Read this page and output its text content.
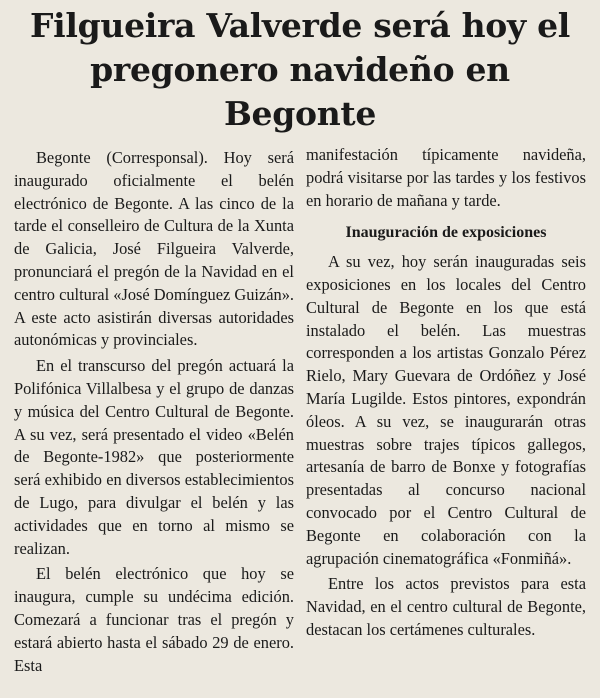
Filgueira Valverde será hoy el
pregonero navideño en Begonte

Begonte (Corresponsal). Hoy será inaugurado oficialmente el belén electrónico de Begonte. A las cinco de la tarde el conselleiro de Cultura de la Xunta de Galicia, José Filgueira Valverde, pronunciará el pregón de la Navidad en el centro cultural «José Domínguez Guizán». A este acto asistirán diversas autoridades autonómicas y provinciales.

En el transcurso del pregón actuará la Polifónica Villalbesa y el grupo de danzas y música del Centro Cultural de Begonte. A su vez, será presentado el video «Belén de Begonte-1982» que posteriormente será exhibido en diversos establecimientos de Lugo, para divulgar el belén y las actividades que en torno al mismo se realizan.

El belén electrónico que hoy se inaugura, cumple su undécima edición. Comezará a funcionar tras el pregón y estará abierto hasta el sábado 29 de enero. Esta

manifestación típicamente navideña, podrá visitarse por las tardes y los festivos en horario de mañana y tarde.

Inauguración de exposiciones

A su vez, hoy serán inauguradas seis exposiciones en los locales del Centro Cultural de Begonte en los que está instalado el belén. Las muestras corresponden a los artistas Gonzalo Pérez Rielo, Mary Guevara de Ordóñez y José María Lugilde. Estos pintores, expondrán óleos. A su vez, se inaugurarán otras muestras sobre trajes típicos gallegos, artesanía de barro de Bonxe y fotografías presentadas al concurso nacional convocado por el Centro Cultural de Begonte en colaboración con la agrupación cinematográfica «Fonmiñá».

Entre los actos previstos para esta Navidad, en el centro cultural de Begonte, destacan los certámenes culturales.
